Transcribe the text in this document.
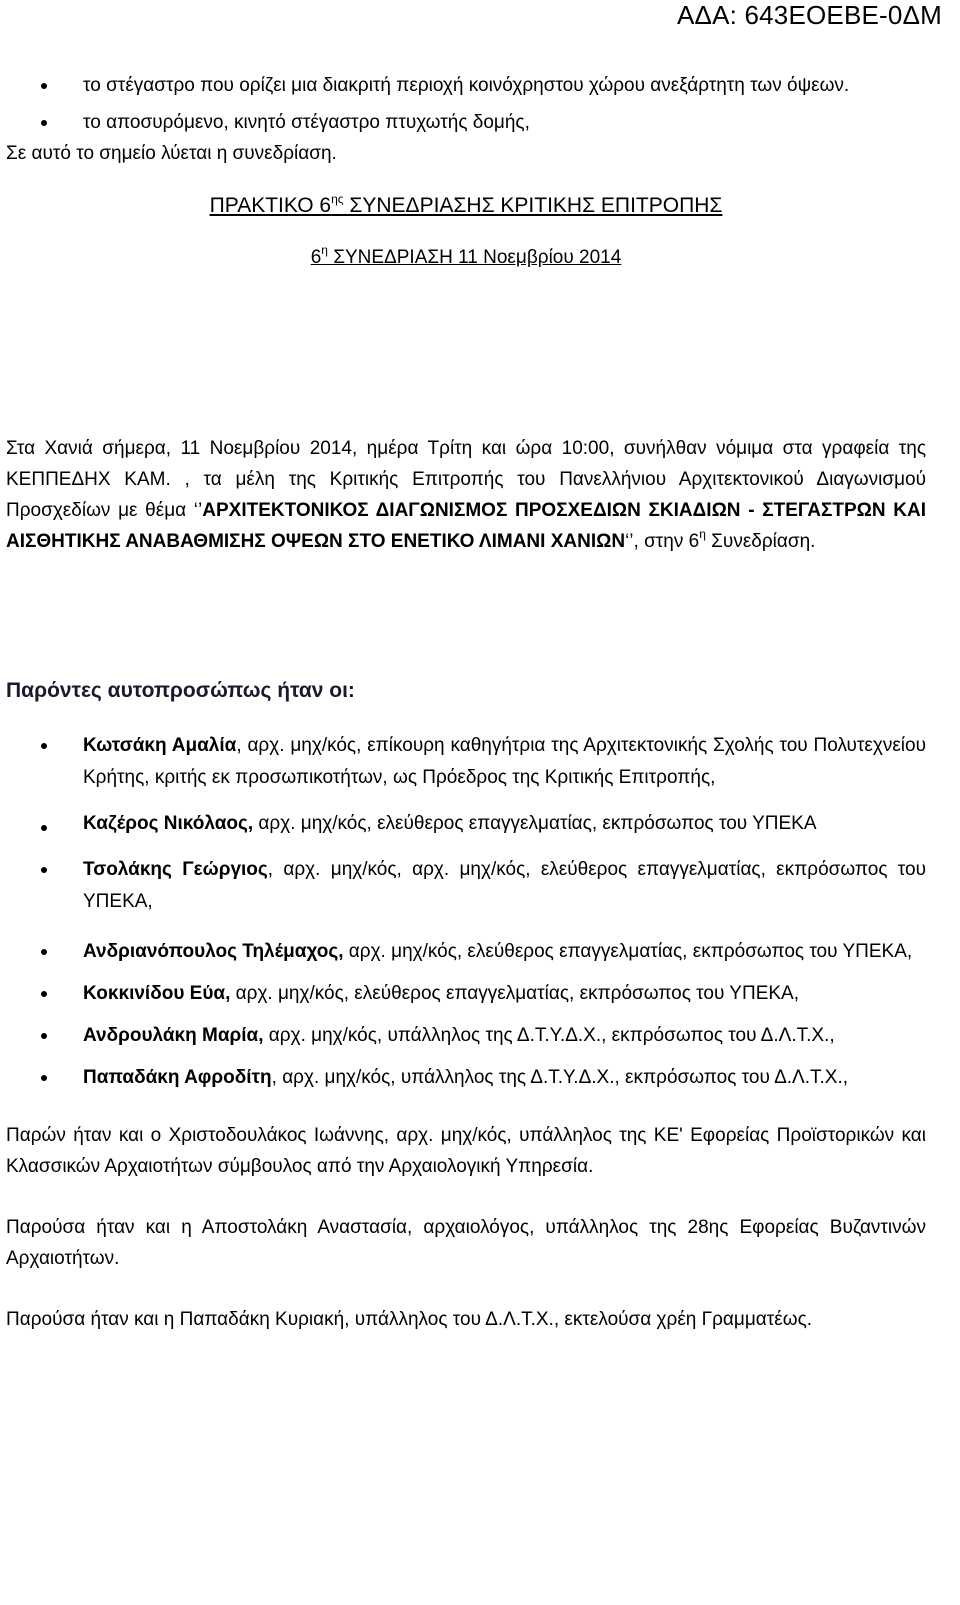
ΑΔΑ: 643ΕΟΕΒΕ-0ΔΜ
το στέγαστρο που ορίζει μια διακριτή περιοχή κοινόχρηστου χώρου ανεξάρτητη των όψεων.
το αποσυρόμενο, κινητό στέγαστρο πτυχωτής δομής,

Σε αυτό το σημείο λύεται η συνεδρίαση.

ΠΡΑΚΤΙΚΟ $6^{\eta\varsigma}$ ΣΥΝΕΔΡΙΑΣΗΣ ΚΡΙΤΙΚΗΣ ΕΠΙΤΡΟΠΗΣ
$6^\eta$ ΣΥΝΕΔΡΙΑΣΗ 11 Νοεμβρίου 2014

Στα Χανιά σήμερα, 11 Νοεμβρίου 2014, ημέρα Τρίτη και ώρα 10:00, συνήλθαν νόμιμα στα γραφεία της ΚΕΠΠΕΔΗΧ ΚΑΜ. , τα μέλη της Κριτικής Επιτροπής του Πανελλήνιου Αρχιτεκτονικού Διαγωνισμού Προσχεδίων με θέμα ‘’ΑΡΧΙΤΕΚΤΟΝΙΚΟΣ ΔΙΑΓΩΝΙΣΜΟΣ ΠΡΟΣΧΕΔΙΩΝ ΣΚΙΑΔΙΩΝ - ΣΤΕΓΑΣΤΡΩΝ ΚΑΙ ΑΙΣΘΗΤΙΚΗΣ ΑΝΑΒΑΘΜΙΣΗΣ ΟΨΕΩΝ ΣΤΟ ΕΝΕΤΙΚΟ ΛΙΜΑΝΙ ΧΑΝΙΩΝ‘’, στην $6^\eta$ Συνεδρίαση.

Παρόντες αυτοπροσώπως ήταν οι:
Κωτσάκη Αμαλία, αρχ. μηχ/κός, επίκουρη καθηγήτρια της Αρχιτεκτονικής Σχολής του Πολυτεχνείου Κρήτης, κριτής εκ προσωπικοτήτων, ως Πρόεδρος της Κριτικής Επιτροπής,
Καζέρος Νικόλαος, αρχ. μηχ/κός, ελεύθερος επαγγελματίας, εκπρόσωπος του ΥΠΕΚΑ
Τσολάκης Γεώργιος, αρχ. μηχ/κός, αρχ. μηχ/κός, ελεύθερος επαγγελματίας, εκπρόσωπος του ΥΠΕΚΑ,
Ανδριανόπουλος Τηλέμαχος, αρχ. μηχ/κός, ελεύθερος επαγγελματίας, εκπρόσωπος του ΥΠΕΚΑ,
Κοκκινίδου Εύα, αρχ. μηχ/κός, ελεύθερος επαγγελματίας, εκπρόσωπος του ΥΠΕΚΑ,
Ανδρουλάκη Μαρία, αρχ. μηχ/κός, υπάλληλος της Δ.Τ.Υ.Δ.Χ., εκπρόσωπος του Δ.Λ.Τ.Χ.,
Παπαδάκη Αφροδίτη, αρχ. μηχ/κός, υπάλληλος της Δ.Τ.Υ.Δ.Χ., εκπρόσωπος του Δ.Λ.Τ.Χ.,

Παρών ήταν και ο Χριστοδουλάκος Ιωάννης, αρχ. μηχ/κός, υπάλληλος της ΚΕ' Εφορείας Προϊστορικών και Κλασσικών Αρχαιοτήτων σύμβουλος από την Αρχαιολογική Υπηρεσία.

Παρούσα ήταν και η Αποστολάκη Αναστασία, αρχαιολόγος, υπάλληλος της 28ης Εφορείας Βυζαντινών Αρχαιοτήτων.

Παρούσα ήταν και η Παπαδάκη Κυριακή, υπάλληλος του Δ.Λ.Τ.Χ., εκτελούσα χρέη Γραμματέως.
